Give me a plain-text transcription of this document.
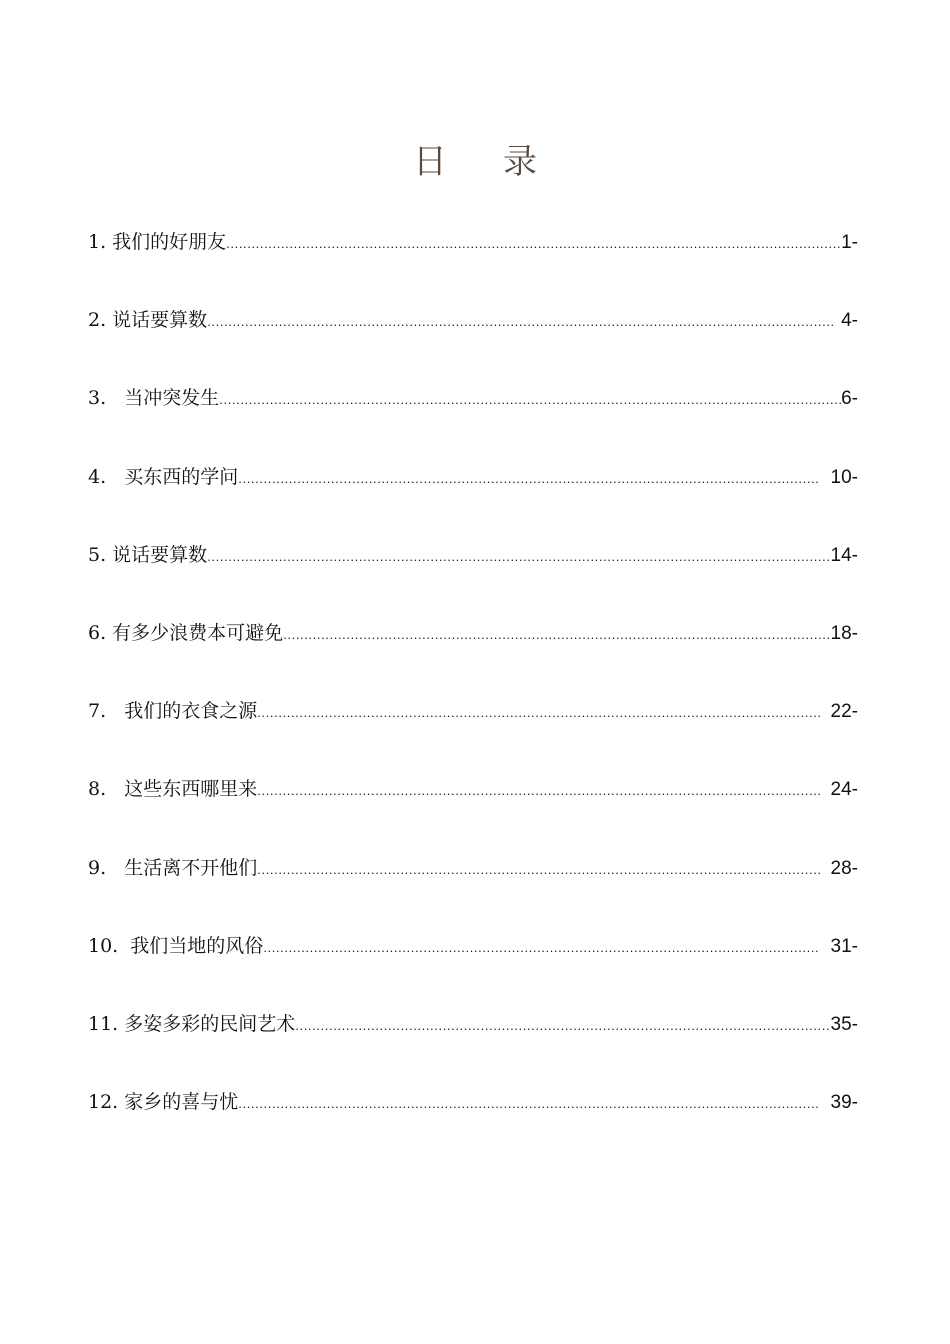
日 录
1. 我们的好朋友 .....	1-
2. 说话要算数 .....	4-
3. 当冲突发生 .....	6-
4. 买东西的学问 .....	10-
5. 说话要算数 .....	14-
6. 有多少浪费本可避免 .....	18-
7. 我们的衣食之源 .....	22-
8. 这些东西哪里来 .....	24-
9. 生活离不开他们 .....	28-
10. 我们当地的风俗 .....	31-
11. 多姿多彩的民间艺术 .....	35-
12. 家乡的喜与忧 .....	39-
